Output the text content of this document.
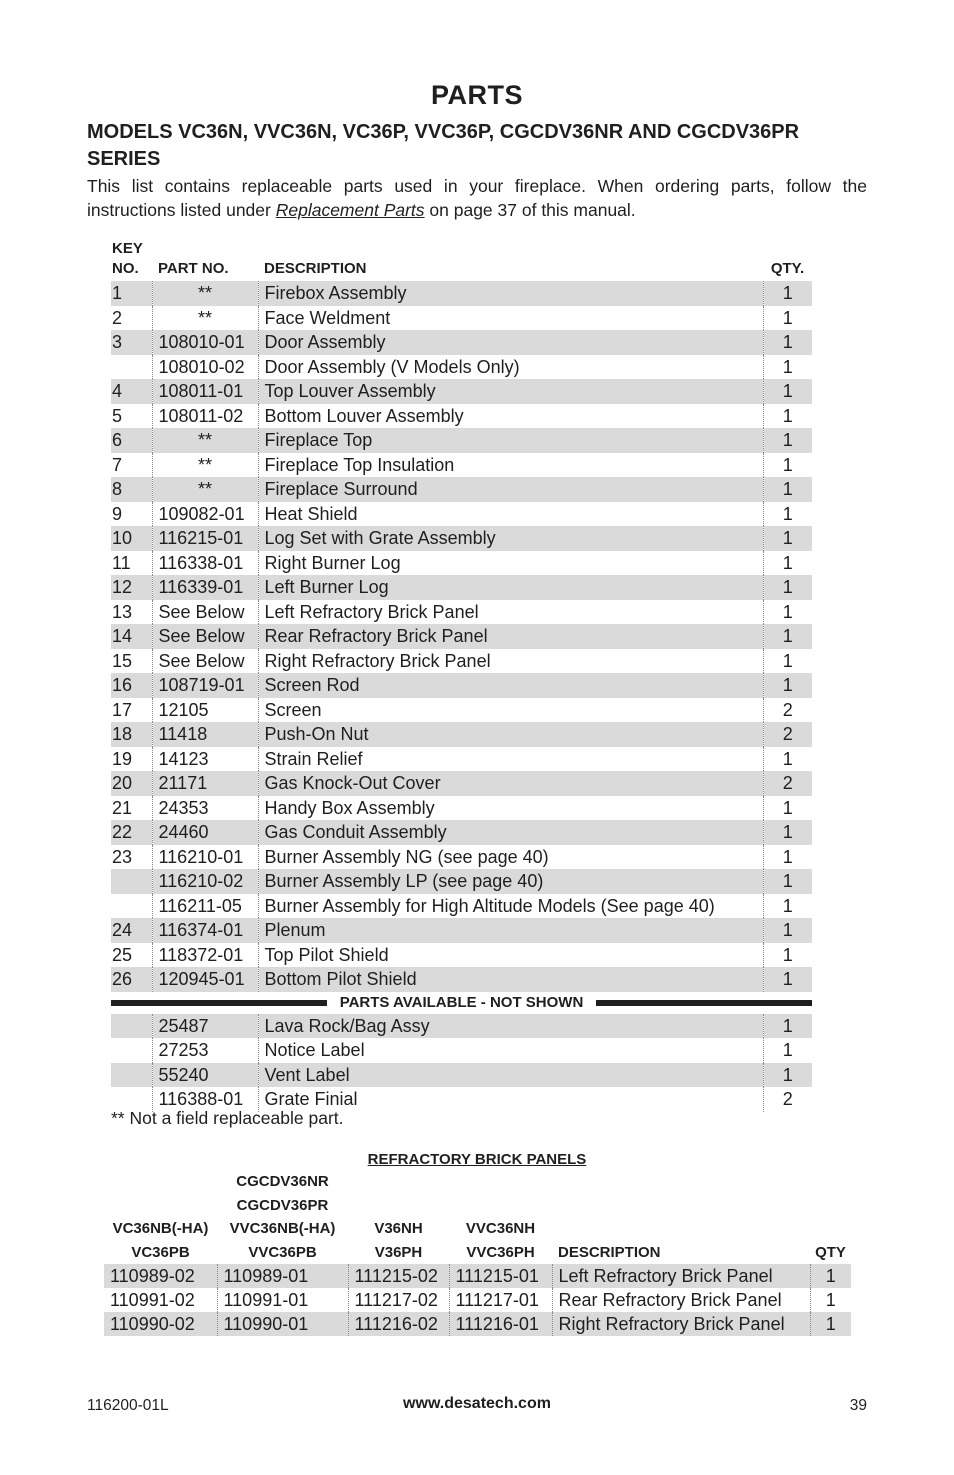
PARTS
MODELS VC36N, VVC36N, VC36P, VVC36P, CGCDV36NR AND CGCDV36PR SERIES
This list contains replaceable parts used in your fireplace. When ordering parts, follow the instructions listed under Replacement Parts on page 37 of this manual.
KEY
NO.	PART NO.	DESCRIPTION	QTY.
1	**	Firebox Assembly	1
2	**	Face Weldment	1
3	108010-01	Door Assembly	1
	108010-02	Door Assembly (V Models Only)	1
4	108011-01	Top Louver Assembly	1
5	108011-02	Bottom Louver Assembly	1
6	**	Fireplace Top	1
7	**	Fireplace Top Insulation	1
8	**	Fireplace Surround	1
9	109082-01	Heat Shield	1
10	116215-01	Log Set with Grate Assembly	1
11	116338-01	Right Burner Log	1
12	116339-01	Left Burner Log	1
13	See Below	Left Refractory Brick Panel	1
14	See Below	Rear Refractory Brick Panel	1
15	See Below	Right Refractory Brick Panel	1
16	108719-01	Screen Rod	1
17	12105	Screen	2
18	11418	Push-On Nut	2
19	14123	Strain Relief	1
20	21171	Gas Knock-Out Cover	2
21	24353	Handy Box Assembly	1
22	24460	Gas Conduit Assembly	1
23	116210-01	Burner Assembly NG (see page 40)	1
	116210-02	Burner Assembly LP (see page 40)	1
	116211-05	Burner Assembly for High Altitude Models (See page 40)	1
24	116374-01	Plenum	1
25	118372-01	Top Pilot Shield	1
26	120945-01	Bottom Pilot Shield	1

PARTS AVAILABLE - NOT SHOWN			

	25487	Lava Rock/Bag Assy	1
	27253	Notice Label	1
	55240	Vent Label	1
	116388-01	Grate Finial	2
** Not a field replaceable part.
REFRACTORY BRICK PANELS
	CGCDV36NR				
	CGCDV36PR				
VC36NB(-HA)	VVC36NB(-HA)	V36NH	VVC36NH		
VC36PB	VVC36PB	V36PH	VVC36PH	DESCRIPTION	QTY
110989-02	110989-01	111215-02	111215-01	Left Refractory Brick Panel	1
110991-02	110991-01	111217-02	111217-01	Rear Refractory Brick Panel	1
110990-02	110990-01	111216-02	111216-01	Right Refractory Brick Panel	1
116200-01L	www.desatech.com	39
